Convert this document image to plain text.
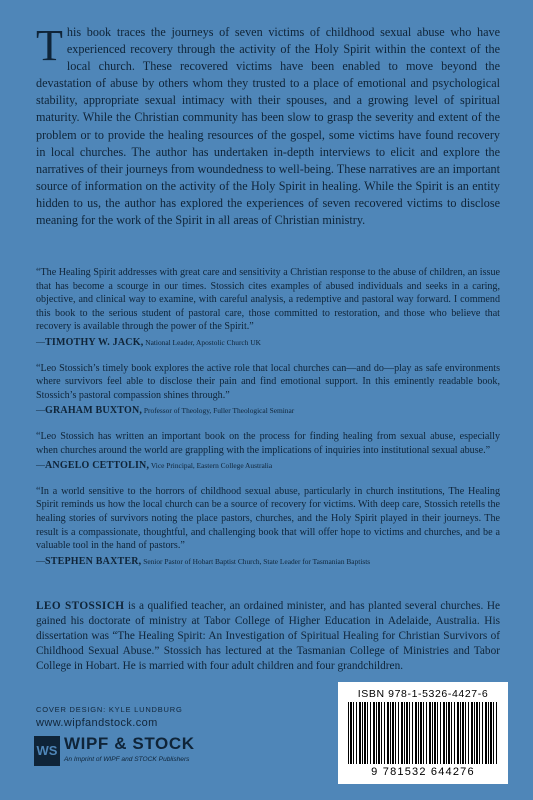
T his book traces the journeys of seven victims of childhood sexual abuse who have experienced recovery through the activity of the Holy Spirit within the context of the local church. These recovered victims have been enabled to move beyond the devastation of abuse by others whom they trusted to a place of emotional and psychological stability, appropriate sexual intimacy with their spouses, and a growing level of spiritual maturity. While the Christian community has been slow to grasp the severity and extent of the problem or to provide the healing resources of the gospel, some victims have found recovery in local churches. The author has undertaken in-depth interviews to elicit and explore the narratives of their journeys from woundedness to well-being. These narratives are an important source of information on the activity of the Holy Spirit in healing. While the Spirit is an entity hidden to us, the author has explored the experiences of seven recovered victims to disclose meaning for the work of the Spirit in all areas of Christian ministry.

“The Healing Spirit addresses with great care and sensitivity a Christian response to the abuse of children, an issue that has become a scourge in our times. Stossich cites examples of abused individuals and seeks in a caring, objective, and clinical way to examine, with careful analysis, a redemptive and pastoral way forward. I commend this book to the serious student of pastoral care, those committed to restoration, and those who believe that recovery is available through the power of the Spirit.”

—TIMOTHY W. JACK, National Leader, Apostolic Church UK

“Leo Stossich’s timely book explores the active role that local churches can—and do—play as safe environments where survivors feel able to disclose their pain and find emotional support. In this eminently readable book, Stossich’s pastoral compassion shines through.”

—GRAHAM BUXTON, Professor of Theology, Fuller Theological Seminar

“Leo Stossich has written an important book on the process for finding healing from sexual abuse, especially when churches around the world are grappling with the implications of inquiries into institutional sexual abuse.”

—ANGELO CETTOLIN, Vice Principal, Eastern College Australia

“In a world sensitive to the horrors of childhood sexual abuse, particularly in church institutions, The Healing Spirit reminds us how the local church can be a source of recovery for victims. With deep care, Stossich retells the healing stories of survivors noting the place pastors, churches, and the Holy Spirit played in their journeys. The result is a compassionate, thoughtful, and challenging book that will offer hope to victims and churches, and be a valuable tool in the hand of pastors.”

—STEPHEN BAXTER, Senior Pastor of Hobart Baptist Church, State Leader for Tasmanian Baptists
LEO STOSSICH is a qualified teacher, an ordained minister, and has planted several churches. He gained his doctorate of ministry at Tabor College of Higher Education in Adelaide, Australia. His dissertation was “The Healing Spirit: An Investigation of Spiritual Healing for Christian Survivors of Childhood Sexual Abuse.” Stossich has lectured at the Tasmanian College of Ministries and Tabor College in Hobart. He is married with four adult children and four grandchildren.
COVER DESIGN: KYLE LUNDBURG
www.wipfandstock.com
WS WIPF & STOCK
An Imprint of WIPF and STOCK Publishers
ISBN 978-1-5326-4427-6
9 781532 644276
